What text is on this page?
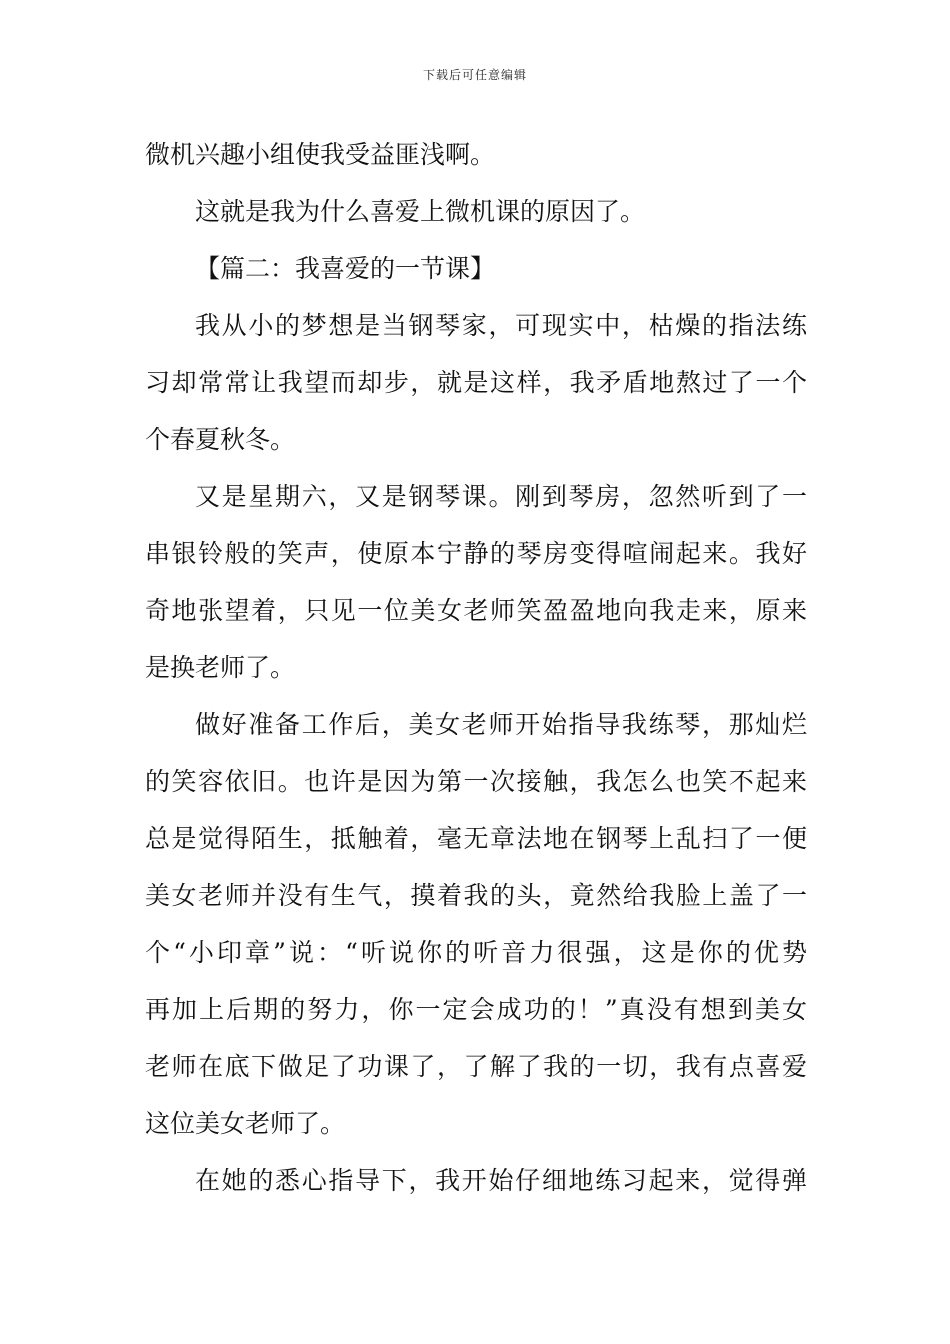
下载后可任意编辑
微机兴趣小组使我受益匪浅啊。
这就是我为什么喜爱上微机课的原因了。
【篇二：我喜爱的一节课】
我从小的梦想是当钢琴家，可现实中，枯燥的指法练
习却常常让我望而却步，就是这样，我矛盾地熬过了一个
个春夏秋冬。
又是星期六，又是钢琴课。刚到琴房，忽然听到了一
串银铃般的笑声，使原本宁静的琴房变得喧闹起来。我好
奇地张望着，只见一位美女老师笑盈盈地向我走来，原来
是换老师了。
做好准备工作后，美女老师开始指导我练琴，那灿烂
的笑容依旧。也许是因为第一次接触，我怎么也笑不起来
总是觉得陌生，抵触着，毫无章法地在钢琴上乱扫了一便
美女老师并没有生气，摸着我的头，竟然给我脸上盖了一
个“小印章”说：“听说你的听音力很强，这是你的优势
再加上后期的努力，你一定会成功的！”真没有想到美女
老师在底下做足了功课了，了解了我的一切，我有点喜爱
这位美女老师了。
在她的悉心指导下，我开始仔细地练习起来，觉得弹
